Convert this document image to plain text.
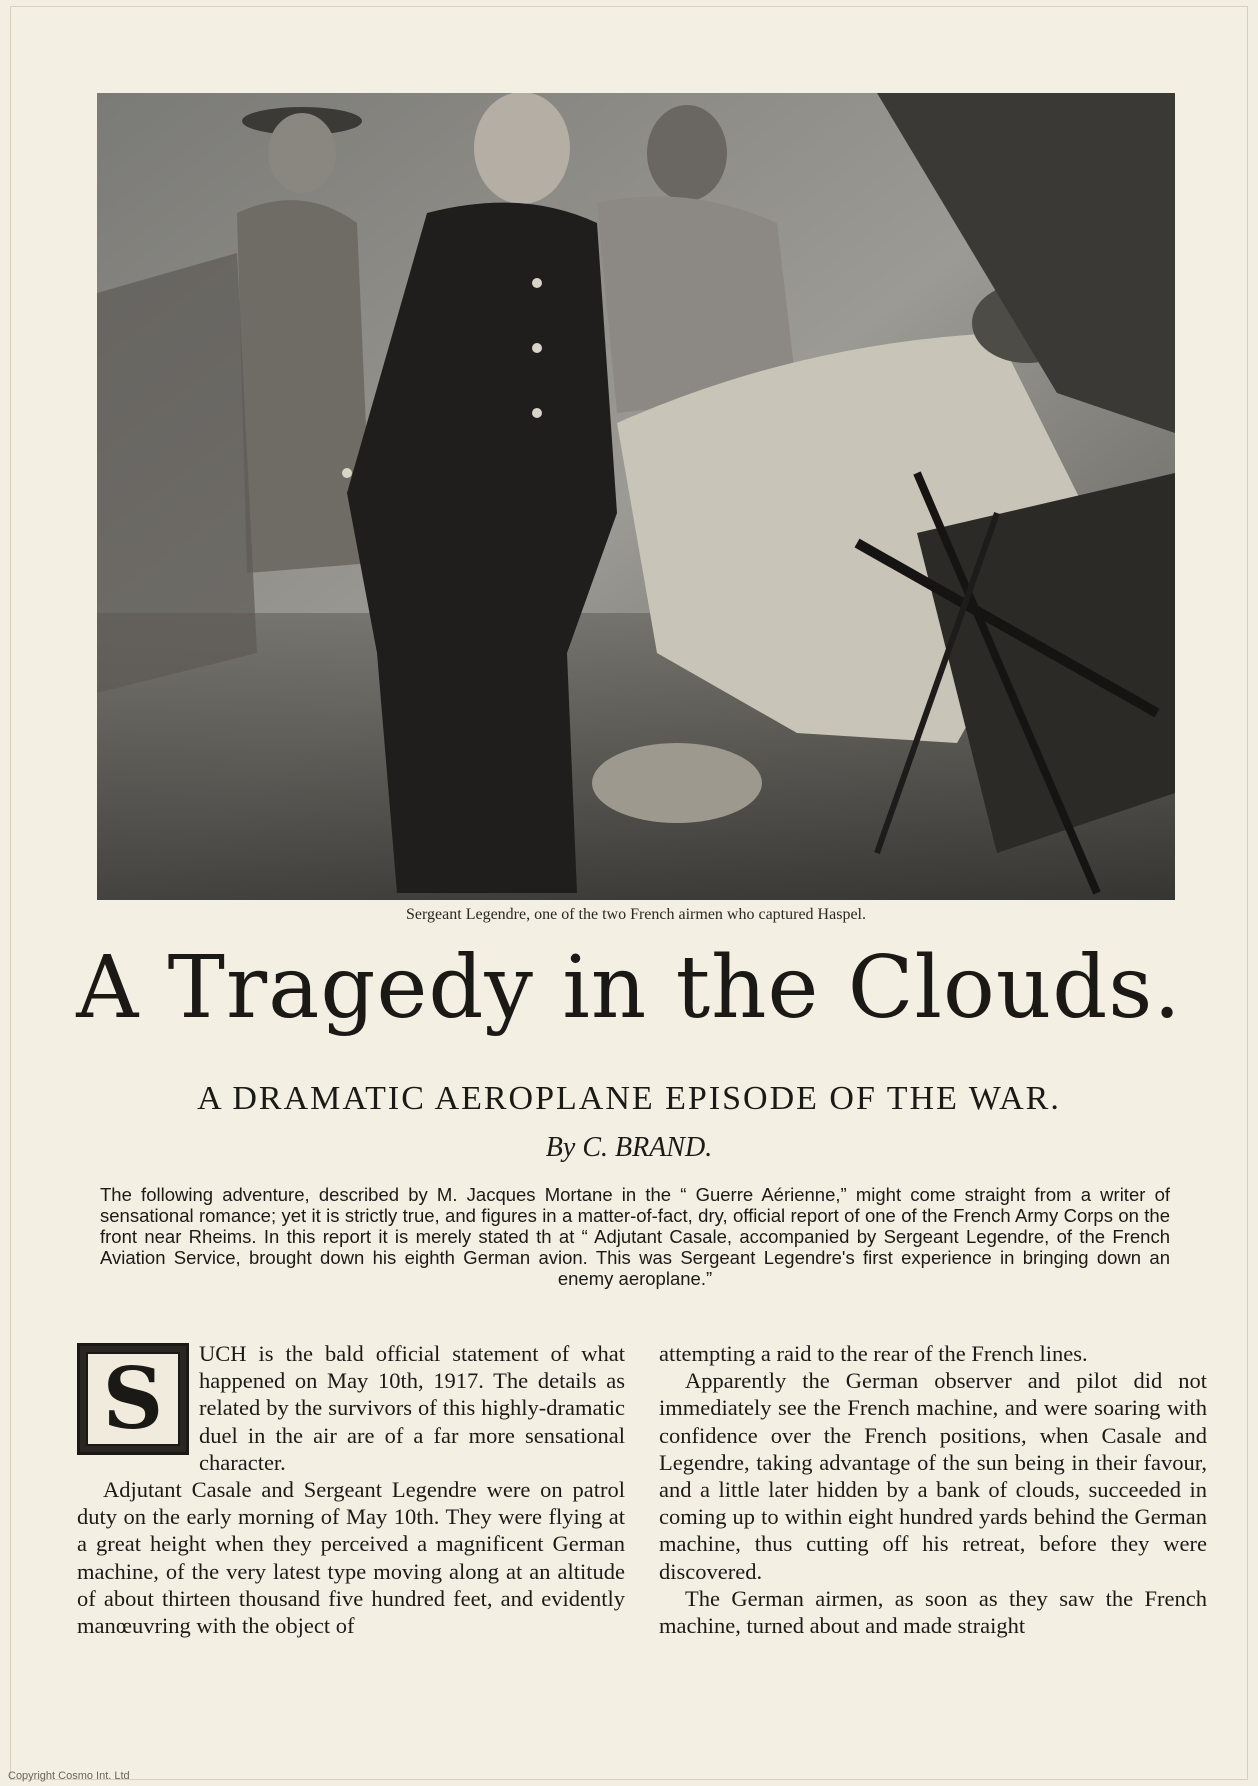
Sergeant Legendre, one of the two French airmen who captured Haspel.
A Tragedy in the Clouds.
A DRAMATIC AEROPLANE EPISODE OF THE WAR.
By C. BRAND.
The following adventure, described by M. Jacques Mortane in the “ Guerre Aérienne,” might come straight from a writer of sensational romance; yet it is strictly true, and figures in a matter-of-fact, dry, official report of one of the French Army Corps on the front near Rheims. In this report it is merely stated th at “ Adjutant Casale, accompanied by Sergeant Legendre, of the French Aviation Service, brought down his eighth German avion. This was Sergeant Legendre's first experience in bringing down an enemy aeroplane.”

S UCH is the bald official statement of what happened on May 10th, 1917. The details as related by the survivors of this highly-dramatic duel in the air are of a far more sensational character.

Adjutant Casale and Sergeant Legendre were on patrol duty on the early morning of May 10th. They were flying at a great height when they perceived a magnificent German machine, of the very latest type moving along at an altitude of about thirteen thousand five hundred feet, and evidently manœuvring with the object of

attempting a raid to the rear of the French lines.

Apparently the German observer and pilot did not immediately see the French machine, and were soaring with confidence over the French positions, when Casale and Legendre, taking advantage of the sun being in their favour, and a little later hidden by a bank of clouds, succeeded in coming up to within eight hundred yards behind the German machine, thus cutting off his retreat, before they were discovered.

The German airmen, as soon as they saw the French machine, turned about and made straight

Copyright Cosmo Int. Ltd
